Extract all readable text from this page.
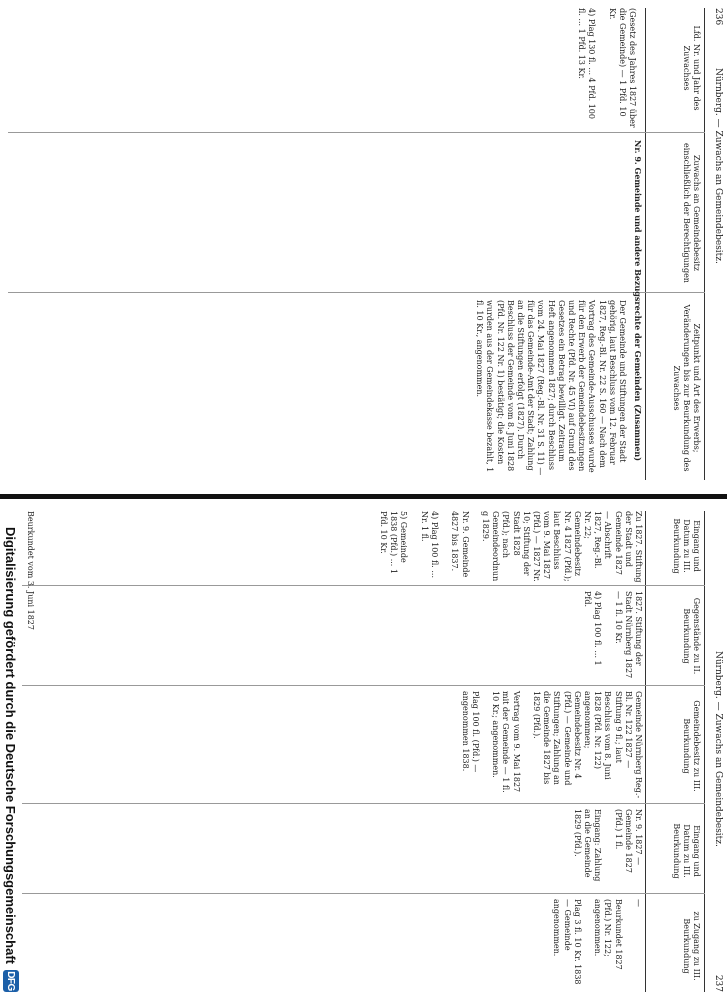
236
Nürnberg. — Zuwachs an Gemeindebesitz.
Lfd. Nr. und Jahr des Zuwachses
Zuwachs an Gemeindebesitz einschließlich der Berechtigungen
Zeitpunkt und Art des Erwerbs; Veränderungen bis zur Beurkundung des Zuwachses
(Gesetz des Jahres 1827 über die Gemeinde) — 1 Pfd. 10 Kr.

4) Plag 130 fl. ... 4 Pfd. 100 fl. ... 1 Pfd. 13 Kr.
Nr. 9. Gemeinde und andere Bezugsrechte der Gemeinden (Zusammen)
Der Gemeinde und Stiftungen der Stadt gehörig, laut Beschluss vom 12. Februar 1827, Reg.-Bl. Nr. 22 S. 160 — Nach dem Vortrag des Gemeinde-Ausschusses wurde für den Erwerb der Gemeindebesitzungen und Rechte (Pfd. Nr. 45 VI) auf Grund des Gesetzes ein Betrag bewilligt. Zeitraum Heft angenommen 1827; durch Beschluss vom 24. Mai 1827 (Reg.-Bl. Nr. 31 S. 11) — für das Gemeinde-Amt der Stadt; Zahlung an die Stiftungen erfolgt (1827). Durch Beschluss der Gemeinde vom 8. Juni 1828 (Pfd. Nr. 122 Nr. 1) bestätigt; die Kosten wurden aus der Gemeindekasse bezahlt, 1 fl. 10 Kr., angenommen.
Nürnberg. — Zuwachs an Gemeindebesitz.
237
Eingang und Datum zu III. Beurkundung
Gegenstände zu II. Beurkundung
Gemeindebesitz zu III. Beurkundung
Eingang und Datum zu III. Beurkundung
zu Zugang zu III. Beurkundung
Zu 1827. Stiftung der Stadt und Gemeinde 1827 — Abschrift 1827, Reg.-Bl. Nr. 22; Gemeindebesitz Nr. 4 1827 (Pfd.); laut Beschluss vom 9. Mai 1827 (Pfd.) — 1827 Nr. 10; Stiftung der Stadt 1828 (Pfd.); nach Gemeindeordnung 1829.

Nr. 9. Gemeinde 4827 bis 1837.

4) Plag 100 fl. ... Nr. 1 fl.

5) Gemeinde 1838 (Pfd.) ... 1 Pfd. 10 Kr.
1827. Stiftung der Stadt Nürnberg 1827 — 1 fl. 10 Kr.

4) Plag 100 fl. ... 1 Pfd.
Gemeinde Nürnberg Reg.-Bl. Nr. 122 1827 — Stiftung 9 fl.; laut Beschluss vom 8. Juni 1828 (Pfd. Nr. 122) angenommen; Gemeindebesitz Nr. 4 (Pfd.) — Gemeinde und Stiftungen; Zahlung an die Gemeinde 1827 bis 1829 (Pfd.).

Vertrag vom 9. Mai 1827 mit der Gemeinde — 1 fl. 10 Kr.; angenommen.

Plag 100 fl. (Pfd.) — angenommen 1838.
Nr. 9. 1827 — Gemeinde 1827 (Pfd.) 1 fl.

Eingang: Zahlung an die Gemeinde 1829 (Pfd.).
—

Beurkundet 1827 (Pfd.) Nr. 122; angenommen.

Plag 3 fl. 10 Kr. 1838 — Gemeinde angenommen.
Beurkundet vom 3. Juni 1827
Digitalisierung gefördert durch die Deutsche Forschungsgemeinschaft
DFG
